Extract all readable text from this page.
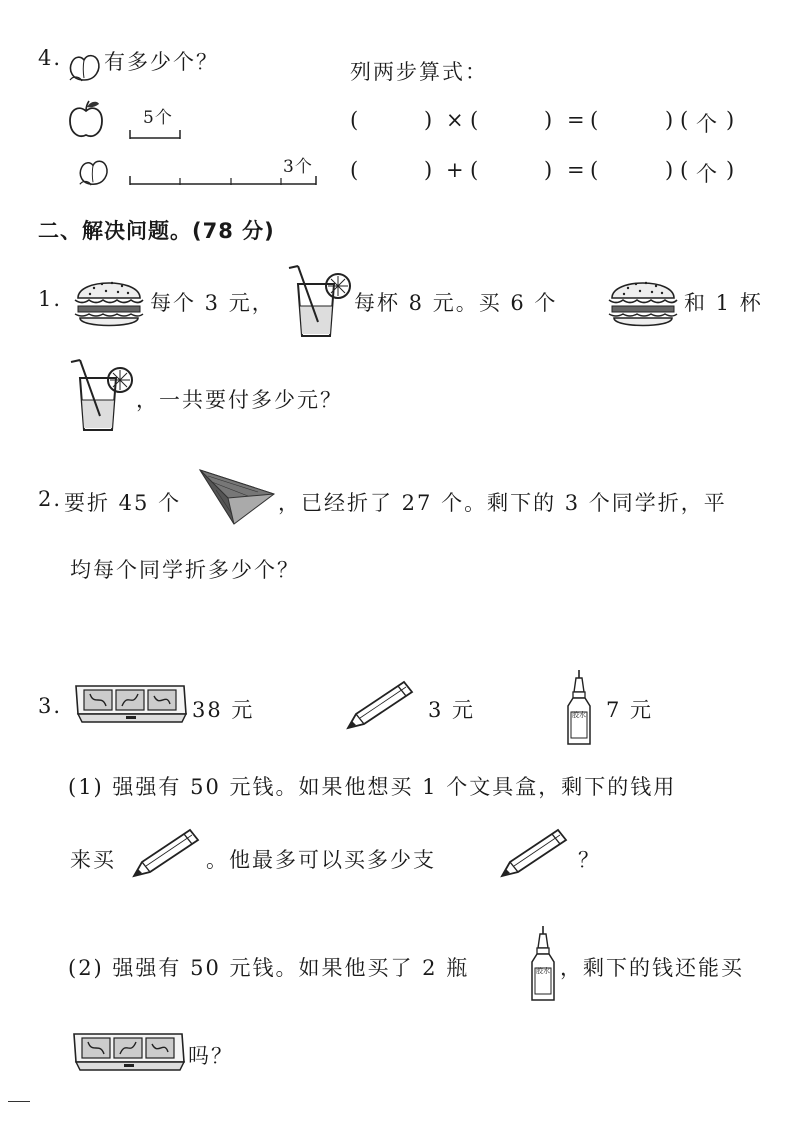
4. 有多少个？	列两步算式：
5个
3个
(	) × (	) = (	) ( 个 )
(	) + (	) = (	) ( 个 )
二、解决问题。(78 分)
1.	每个 3 元，	每杯 8 元。买 6 个	和 1 杯
，一共要付多少元？
2. 要折 45 个	，已经折了 27 个。剩下的 3 个同学折，平
均每个同学折多少个？
3.	38 元	3 元	胶水 7 元
(1) 强强有 50 元钱。如果他想买 1 个文具盒，剩下的钱用
来买	。他最多可以买多少支	？
(2) 强强有 50 元钱。如果他买了 2 瓶	胶水 ，剩下的钱还能买
吗？
